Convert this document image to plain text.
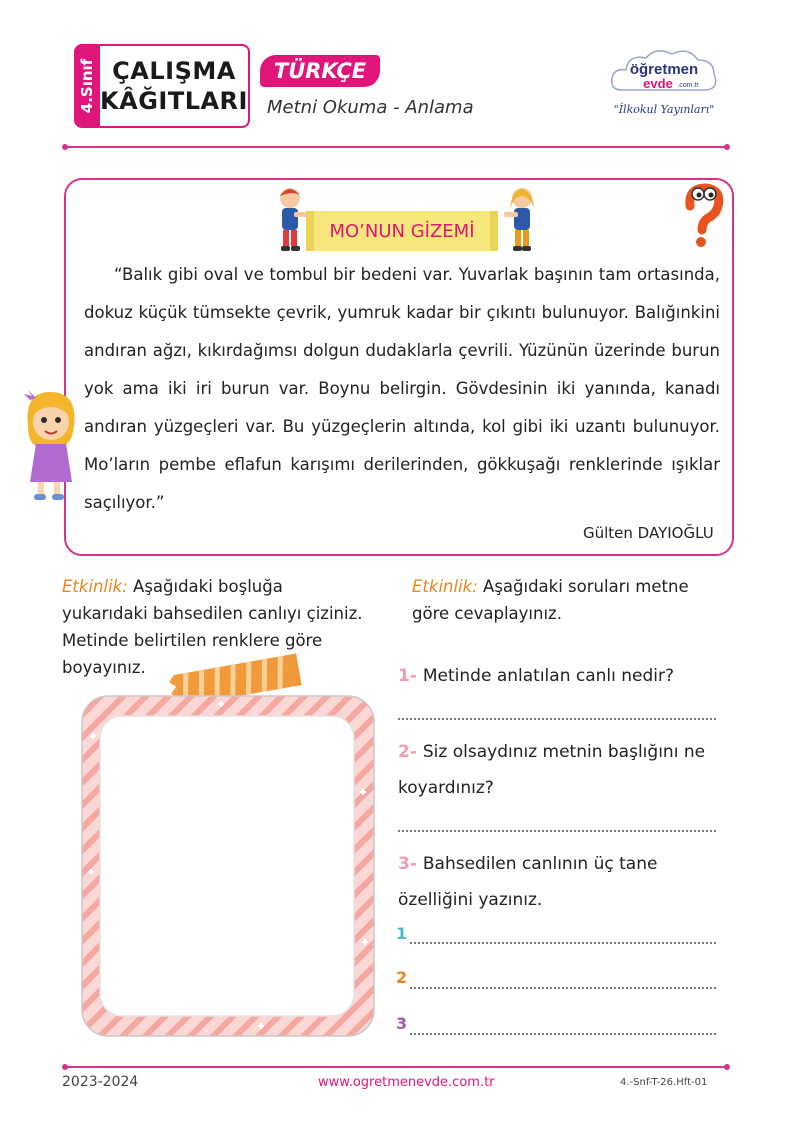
4.Sınıf ÇALIŞMA
KÂĞITLARI
TÜRKÇE
Metni Okuma - Anlama
öğretmen
evde .com.tr
"İlkokul Yayınları"
MO’NUN GİZEMİ

“Balık gibi oval ve tombul bir bedeni var. Yuvarlak başının tam ortasında, dokuz küçük tümsekte çevrik, yumruk kadar bir çıkıntı bulunuyor. Balığınkini andıran ağzı, kıkırdağımsı dolgun dudaklarla çevrili. Yüzünün üzerinde burun yok ama iki iri burun var. Boynu belirgin. Gövdesinin iki yanında, kanadı andıran yüzgeçleri var. Bu yüzgeçlerin altında, kol gibi iki uzantı bulunuyor. Mo’ların pembe eflafun karışımı derilerinden, gökkuşağı renklerinde ışıklar saçılıyor.”

Gülten DAYIOĞLU
Etkinlik: Aşağıdaki boşluğa yukarıdaki bahsedilen canlıyı çiziniz. Metinde belirtilen renklere göre boyayınız.
Etkinlik: Aşağıdaki soruları metne göre cevaplayınız.
1- Metinde anlatılan canlı nedir?
2- Siz olsaydınız metnin başlığını ne koyardınız?
3- Bahsedilen canlının üç tane özelliğini yazınız.
1
2
3
2023-2024	www.ogretmenevde.com.tr	4.-Snf-T-26.Hft-01
